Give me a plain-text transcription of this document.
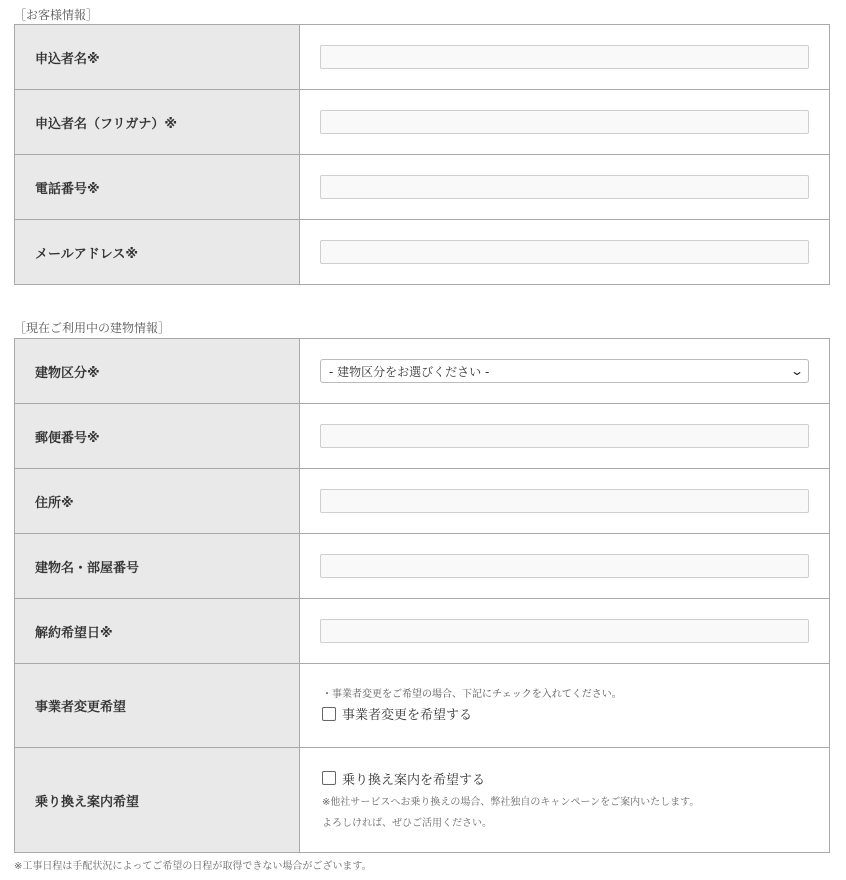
［お客様情報］
申込者名※	

申込者名（フリガナ）※	

電話番号※	

メールアドレス※	
［現在ご利用中の建物情報］
建物区分※	- 建物区分をお選びください - ⌄

郵便番号※	

住所※	

建物名・部屋番号	

解約希望日※	

事業者変更希望	・事業者変更をご希望の場合、下記にチェックを入れてください。
事業者変更を希望する

乗り換え案内希望	乗り換え案内を希望する
※他社サービスへお乗り換えの場合、弊社独自のキャンペーンをご案内いたします。
よろしければ、ぜひご活用ください。
※工事日程は手配状況によってご希望の日程が取得できない場合がございます。
